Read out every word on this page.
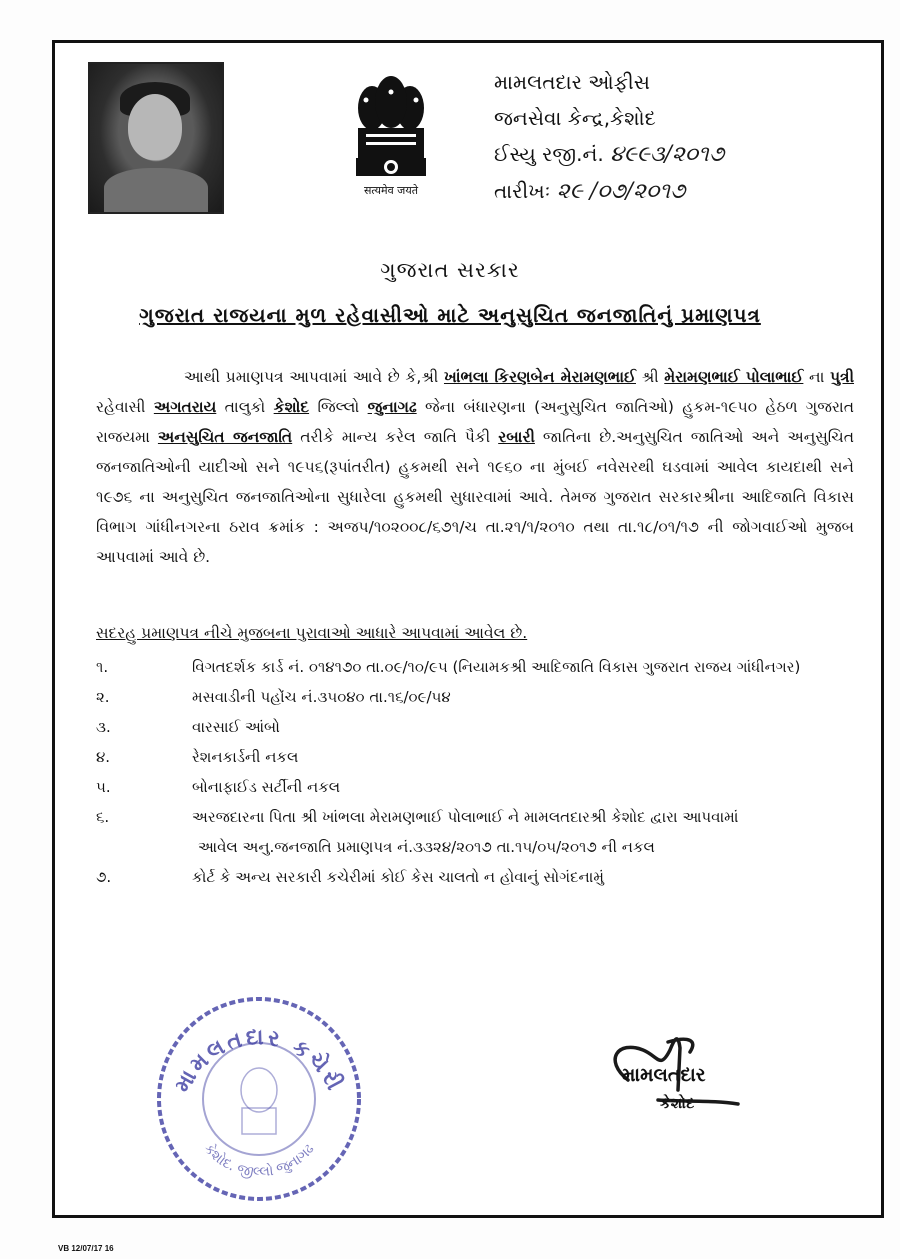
सत्यमेव जयते
મામલતદાર ઓફીસ
જનસેવા કેન્દ્ર,કેશોદ
ઈસ્યુ રજી.નં. ૪૯૯૩/૨૦૧૭
તારીખઃ ૨૯ /૦૭/૨૦૧૭
ગુજરાત સરકાર
ગુજરાત રાજયના મુળ રહેવાસીઓ માટે અનુસુચિત જનજાતિનું પ્રમાણપત્ર
આથી પ્રમાણપત્ર આપવામાં આવે છે કે,શ્રી ખાંભલા કિરણબેન મેરામણભાઈ શ્રી મેરામણભાઈ પોલાભાઈ ના પુત્રી રહેવાસી અગતરાય તાલુકો કેશોદ જિલ્લો જુનાગઢ જેના બંધારણના (અનુસુચિત જાતિઓ) હુકમ-૧૯૫૦ હેઠળ ગુજરાત રાજયમા અનસુચિત જનજાતિ તરીકે માન્ય કરેલ જાતિ પૈકી રબારી જાતિના છે.અનુસુચિત જાતિઓ અને અનુસુચિત જનજાતિઓની યાદીઓ સને ૧૯૫૬(રૂપાંતરીત) હુકમથી સને ૧૯૬૦ ના મુંબઈ નવેસરથી ઘડવામાં આવેલ કાયદાથી સને ૧૯૭૬ ના અનુસુચિત જનજાતિઓના સુધારેલા હુકમથી સુધારવામાં આવે. તેમજ ગુજરાત સરકારશ્રીના આદિજાતિ વિકાસ વિભાગ ગાંધીનગરના ઠરાવ ક્રમાંક : અજપ/૧૦૨૦૦૮/૬૭૧/ચ તા.૨૧/૧/૨૦૧૦ તથા તા.૧૮/૦૧/૧૭ ની જોગવાઈઓ મુજબ આપવામાં આવે છે.
સદરહુ પ્રમાણપત્ર નીચે મુજબના પુરાવાઓ આધારે આપવામાં આવેલ છે.
૧.	વિગતદર્શક કાર્ડ નં. ૦૧૪૧૭૦ તા.૦૯/૧૦/૯૫ (નિયામકશ્રી આદિજાતિ વિકાસ ગુજરાત રાજય ગાંધીનગર)
૨.	મસવાડીની પહોંચ નં.૩૫૦૪૦ તા.૧૬/૦૯/૫૪
૩.	વારસાઈ આંબો
૪.	રેશનકાર્ડની નકલ
૫.	બોનાફાઈડ સર્ટીની નકલ
૬.	અરજદારના પિતા શ્રી ખાંભલા મેરામણભાઈ પોલાભાઈ ને મામલતદારશ્રી કેશોદ દ્વારા આપવામાં
આવેલ અનુ.જનજાતિ પ્રમાણપત્ર નં.૩૩૨૪/૨૦૧૭ તા.૧૫/૦૫/૨૦૧૭ ની નકલ
૭.	કોર્ટ કે અન્ય સરકારી કચેરીમાં કોઈ કેસ ચાલતો ન હોવાનું સોગંદનામું
મામલતદાર કચેરી
કેશોદ. જીલ્લો જુનાગઢ
મામલતદાર
કેશોદ
VB 12/07/17 16
